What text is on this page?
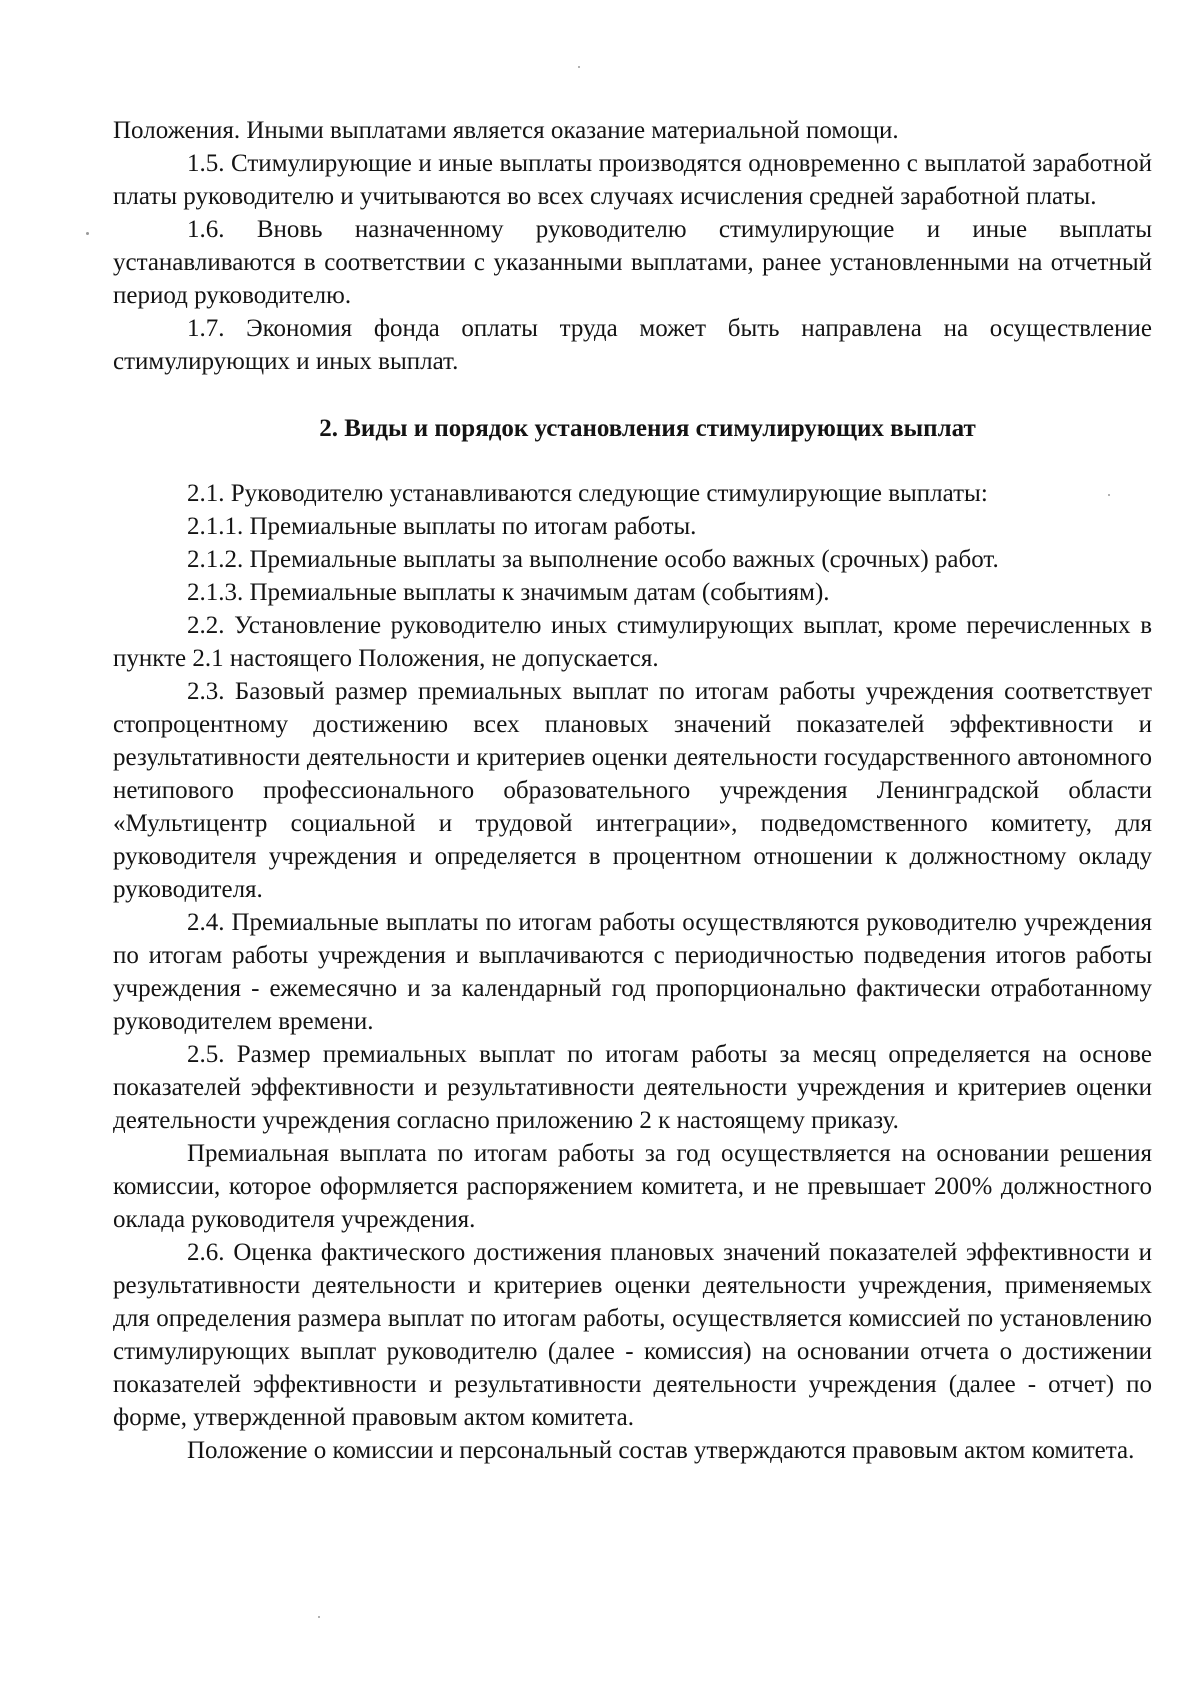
Положения. Иными выплатами является оказание материальной помощи.

1.5. Стимулирующие и иные выплаты производятся одновременно с выплатой заработной платы руководителю и учитываются во всех случаях исчисления средней заработной платы.

1.6. Вновь назначенному руководителю стимулирующие и иные выплаты устанавливаются в соответствии с указанными выплатами, ранее установленными на отчетный период руководителю.

1.7. Экономия фонда оплаты труда может быть направлена на осуществление стимулирующих и иных выплат.

2. Виды и порядок установления стимулирующих выплат

2.1. Руководителю устанавливаются следующие стимулирующие выплаты:

2.1.1. Премиальные выплаты по итогам работы.

2.1.2. Премиальные выплаты за выполнение особо важных (срочных) работ.

2.1.3. Премиальные выплаты к значимым датам (событиям).

2.2. Установление руководителю иных стимулирующих выплат, кроме перечисленных в пункте 2.1 настоящего Положения, не допускается.

2.3. Базовый размер премиальных выплат по итогам работы учреждения соответствует стопроцентному достижению всех плановых значений показателей эффективности и результативности деятельности и критериев оценки деятельности государственного автономного нетипового профессионального образовательного учреждения Ленинградской области «Мультицентр социальной и трудовой интеграции», подведомственного комитету, для руководителя учреждения и определяется в процентном отношении к должностному окладу руководителя.

2.4. Премиальные выплаты по итогам работы осуществляются руководителю учреждения по итогам работы учреждения и выплачиваются с периодичностью подведения итогов работы учреждения - ежемесячно и за календарный год пропорционально фактически отработанному руководителем времени.

2.5. Размер премиальных выплат по итогам работы за месяц определяется на основе показателей эффективности и результативности деятельности учреждения и критериев оценки деятельности учреждения согласно приложению 2 к настоящему приказу.

Премиальная выплата по итогам работы за год осуществляется на основании решения комиссии, которое оформляется распоряжением комитета, и не превышает 200% должностного оклада руководителя учреждения.

2.6. Оценка фактического достижения плановых значений показателей эффективности и результативности деятельности и критериев оценки деятельности учреждения, применяемых для определения размера выплат по итогам работы, осуществляется комиссией по установлению стимулирующих выплат руководителю (далее - комиссия) на основании отчета о достижении показателей эффективности и результативности деятельности учреждения (далее - отчет) по форме, утвержденной правовым актом комитета.

Положение о комиссии и персональный состав утверждаются правовым актом комитета.
